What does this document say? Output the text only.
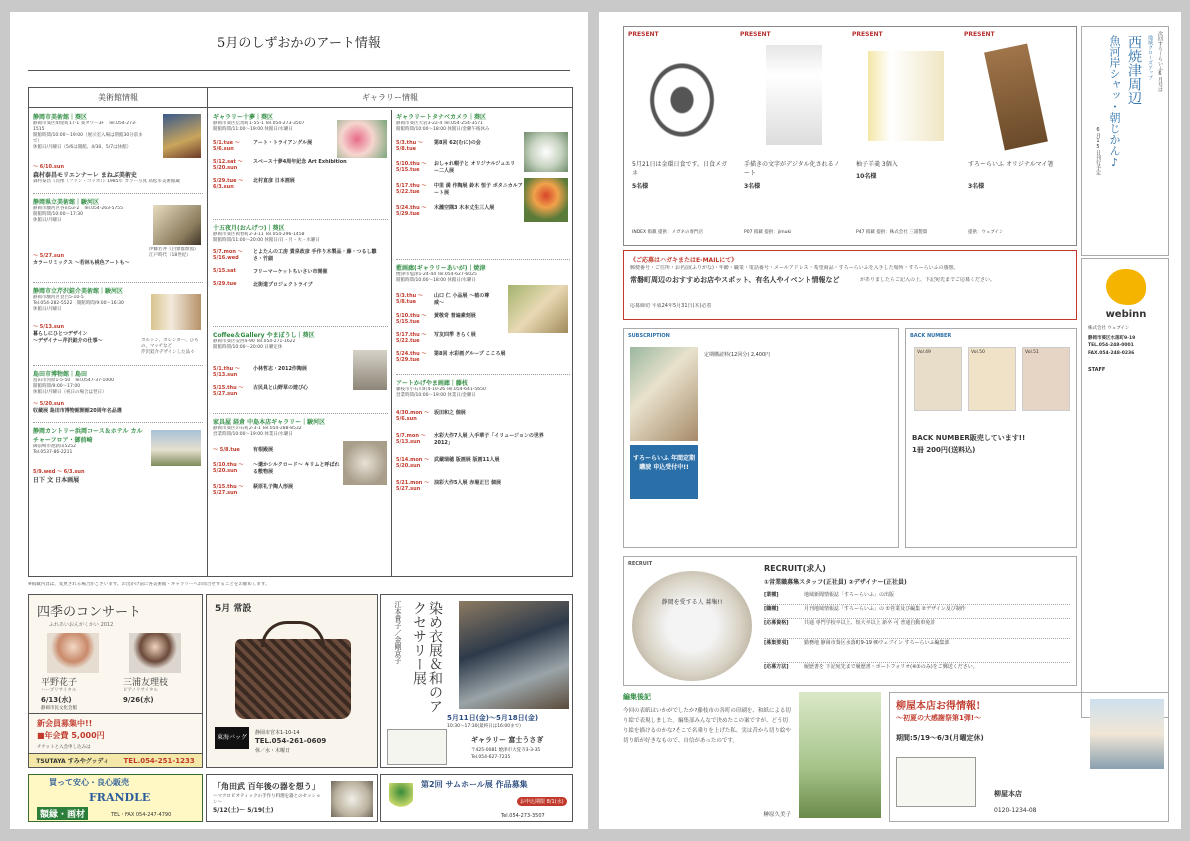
5月のしずおかのアート情報
美術館情報	ギャラリー情報
静岡市美術館｜葵区
静岡市葵区紺屋町17-1 葵タワー3F　Tel.054-273-1515
開館時間/10:00〜19:00（展示室入場は閉館30分前まで）
休館日/月曜日（5/6は開館、4/30、5/7は休館）
〜 6/10.sun
森村泰昌モリエンナーレ まねぶ美術史
森村泰昌《肖像（ファン・ゴッホ）》1985年 カラー写真 高松市美術館蔵
静岡県立美術館｜駿河区
静岡市駿河区谷田53-2　Tel.054-263-5755
開館時間/10:00〜17:30
休館日/月曜日
〜 5/27.sun
カラーリミックス 〜若林も桃色アートも〜
伊藤若冲《白象群獣図》江戸時代（18世紀）
静岡市立芹沢銈介美術館｜駿河区
静岡市駿河区登呂5-10-5
Tel.054-282-5522　開館時間/9:00〜16:30
休館日/月曜日
〜 5/13.sun
暮らしにひとつデザイン
〜デザイナー芹沢銈介の仕事〜	カルトン、カレンダー、ひもの、マッチなど
芹沢銈介デザインした品々
島田市博物館｜島田
島田市河原1-5-50　Tel.0547-37-1000
開館時間/9:00〜17:00
休館日/月曜日（祝日の場合は翌日）
〜 5/20.sun
収蔵展 島田市博物館開館20周年名品選
静岡カントリー浜岡コース＆ホテル カルチャーフロア・御前崎
御前崎市池新田5252
Tel.0537-86-2211
5/9.wed 〜 6/3.sun
日下 文 日本画展
ギャラリー十夢｜葵区
静岡市葵区伝馬町1-55-1 Tel.054-273-3507
開館時間/11:00〜19:00 休館日/水曜日
5/1.tue 〜 5/6.sun
アート・トライアングル展
5/12.sat 〜 5/20.sun
スペース十夢4周年記念 Art Exhibition
5/29.tue 〜 6/3.sun
北村直彦 日本画展
十五夜月(おんげつ)｜葵区
静岡市葵区両替町2-3-11 Tel.054-296-1458
開館時間/11:00〜20:00 休館日/日・月・火・水曜日
5/7.mon 〜 5/16.wed
とよたんの工房 貴泉政彦 手作り木製品・藤・つるし雛さ・竹細
5/15.sat	フリーマーケットちいさい市開催
5/29.tue	北街道プロジェクトライブ
Coffee＆Gallery やまぼうし｜葵区
静岡市葵区安西4-90 Tel.054-271-1622
開館時間/10:00〜20:00 日曜定休
5/1.thu 〜 5/13.sun
小林哲志・2012作陶展
5/15.thu 〜 5/27.sun
古民具と山野草の遊び心
家具屋 経倉 中島本店ギャラリー｜駿河区
静岡市葵区の石町2-3-1 Tel.054-288-8532
営業時間/10:00〜19:00 休業日/水曜日
〜 5/8.tue	有根殿展
5/10.thu 〜 5/20.sun
〜還かシルクロード〜 キリムと呼ばれる敷物展
5/15.thu 〜 5/27.sun
萩原礼子陶人形展
ギャラリートタナベカメラ｜葵区
静岡市葵区大岩3-22-4 Tel.054-254-3571
開館時間/10:00〜18:00 休館日/金曜午後休み
5/3.thu 〜 5/8.tue
第8回 62(むに)の会
5/10.thu 〜 5/15.tue
おしゃれ帽子と オリジナルジュエリー二人展
5/17.thu 〜 5/22.tue
中里 満 作陶展 鈴木 恒子 ボタニカルアート展
5/24.thu 〜 5/29.tue
木瀧空隅3 木本丈生三人展
藍画廊(ギャラリーあいが)｜焼津
焼津市塩津1-24-44 Tel.054-627-6025
開館時間/10:00〜18:00 休館日/水曜日
5/3.thu 〜 5/8.tue
山口 仁 小品展 〜植の尊威〜
5/10.thu 〜 5/15.tue
黄敬奇 普遍素刻展
5/17.thu 〜 5/22.tue
写友四季 きらく展
5/24.thu 〜 5/29.tue
第8回 水彩画グループ こころ展
アートかげやま画廊｜藤枝
藤枝市小石川町4-10-26 Tel.054-641-5650
営業時間/10:00〜19:00 休業日/金曜日
4/30.mon 〜 5/6.sun
坂田和之 個展
5/7.mon 〜 5/13.sun
水彩大作7人展 入手華子「イリュージョンの世界 2012」
5/14.mon 〜 5/20.sun
武蔵瑞穂 版画展 版画11人展
5/21.mon 〜 5/27.sun
油彩大作5人展 赤場正巳 個展
※掲載内容は、変更される場合がございます。お出かけ前に各美術館・ギャラリーへお問合せすることをお勧めします。
四季のコンサート
ふれあいおんがくかい 2012
平野花子	三浦友理枝
ハープリサイタル	ピアノリサイタル
6/13(水)	9/26(水)
静岡市民文化会館
新会員募集中!!
■年会費 5,000円
チケットと入会申し込みは
TSUTAYA すみやグッディ TEL.054-251-1233
5月 常設
東海バッグ
静岡市宮本1-10-14
TEL.054-261-0609
休／水・木曜日
染め衣展＆和のアクセサリー展
江本貴子／金剛京子
5月11日(金)〜5月18日(金)
10:30〜17:30(最終日は16:00まで)
ギャラリー 富士うさぎ
〒425-0081 焼津市大覚寺3-3-35
Tel.054-627-7235
買って安心・良心販売
FRANDLE
額縁・画材	TEL・FAX 054-247-4790
「角田武 百年後の器を想う」
〜マクロビオティックの手作り料理を器とのセッション〜
5/12(土)〜 5/19(土)
第2回 サムホール展 作品募集
お申込期限 8/1(水)
Tel.054-273-3507
PRESENT
5月21日は金環日食です。日食メガネ
5名様
INDEX 掲載 提供：メガネの専門店
PRESENT
手描きの文字がデジタル化されるノート
3名様
P07 掲載 提供：jimuki
PRESENT
柚子羊羹 3個入
10名様
P47 掲載 提供：株式会社 三浦製菓
PRESENT
すろーらいふ オリジナルマイ箸
3名様
提供：ウェブイン
次回すろーらいふ6月号は
地域クローズアップ
西焼津周辺
魚河岸シャッ・朝じかん♪
6月15日刊行予定
《ご応募はハガキまたはE-MAILにて》
郵便番号・ご住所・お名前(ふりがな)・年齢・職業・電話番号・メールアドレス・希望商品・すろーらいふを入手した場所・すろーらいふの感想、
常磐町周辺のおすすめお店やスポット、有名人やイベント情報など	がありましたらご記入の上、下記宛先までご応募ください。
応募締切 平成24年5月31日(木)必着
webinn
株式会社 ウェブイン
静岡市葵区水落町9-19
TEL.054-248-0001
FAX.054-248-0236
STAFF
SUBSCRIPTION
すろーらいふ 年間定期購読 申込受付中!!
定期購読料(12回分) 2,400円
BACK NUMBER
Vol.49	Vol.50	Vol.51
BACK NUMBER販売しています!!
1冊 200円(送料込)
RECRUIT
静岡を愛する人 募集!!
RECRUIT(求人)
①営業職募集スタッフ(正社員) ②デザイナー(正社員)
[業種]	地域新聞情報誌「すろーらいふ」の出版
[職種]	月刊地域情報誌「すろーらいふ」の ①営業及び編集 ②デザイン及び制作
[応募資格]	共通 専門学校卒以上、短大卒以上 新卒 可 普通自動車免許
[募集要項]	勤務地 静岡市葵区水落町9-19 ㈱ウェブイン すろーらいふ編集部
[応募方法]	履歴書を 下記宛先まで履歴書・ポートフォリオ(※②のみ)をご郵送ください。
編集後記
今回の表紙はいかがでしたか?藤枝市の各町の印刷を、和紙による切り絵で表現しました。編集部みんなで決めたこの案ですが、どう切り絵を描けるのかな?そこで名乗りを上げた私。実は昔から切り絵や切り紙が好きなもので、自信があったのです。
榊原久美子
柳屋本店お得情報!
〜初夏の大感謝祭第1弾!〜
期間:5/19〜6/3(月曜定休)
柳屋本店
0120-1234-08
